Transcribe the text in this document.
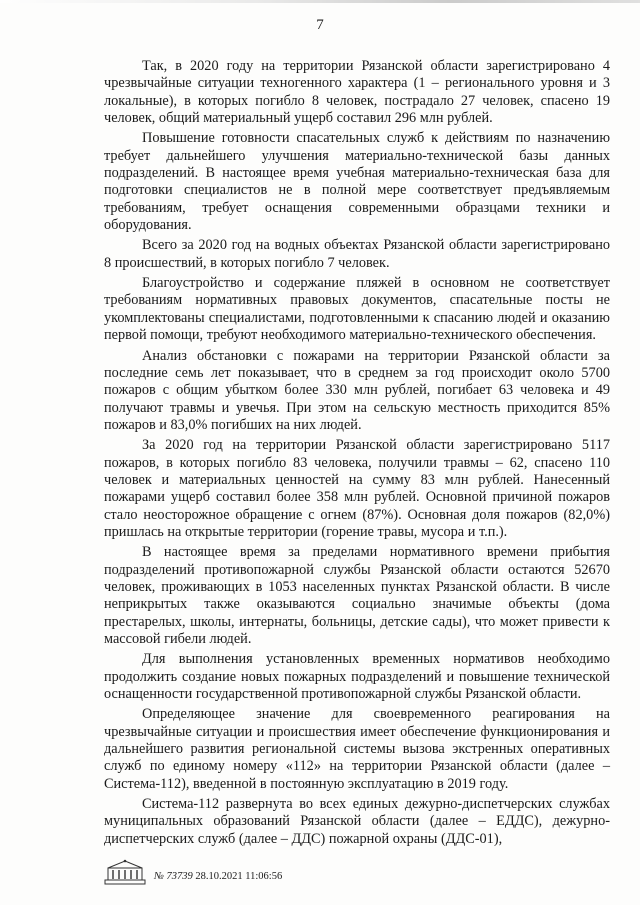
7

Так, в 2020 году на территории Рязанской области зарегистрировано 4 чрезвычайные ситуации техногенного характера (1 – регионального уровня и 3 локальные), в которых погибло 8 человек, пострадало 27 человек, спасено 19 человек, общий материальный ущерб составил 296 млн рублей.

Повышение готовности спасательных служб к действиям по назначению требует дальнейшего улучшения материально-технической базы данных подразделений. В настоящее время учебная материально-техническая база для подготовки специалистов не в полной мере соответствует предъявляемым требованиям, требует оснащения современными образцами техники и оборудования.

Всего за 2020 год на водных объектах Рязанской области зарегистрировано 8 происшествий, в которых погибло 7 человек.

Благоустройство и содержание пляжей в основном не соответствует требованиям нормативных правовых документов, спасательные посты не укомплектованы специалистами, подготовленными к спасанию людей и оказанию первой помощи, требуют необходимого материально-технического обеспечения.

Анализ обстановки с пожарами на территории Рязанской области за последние семь лет показывает, что в среднем за год происходит около 5700 пожаров с общим убытком более 330 млн рублей, погибает 63 человека и 49 получают травмы и увечья. При этом на сельскую местность приходится 85% пожаров и 83,0% погибших на них людей.

За 2020 год на территории Рязанской области зарегистрировано 5117 пожаров, в которых погибло 83 человека, получили травмы – 62, спасено 110 человек и материальных ценностей на сумму 83 млн рублей. Нанесенный пожарами ущерб составил более 358 млн рублей. Основной причиной пожаров стало неосторожное обращение с огнем (87%). Основная доля пожаров (82,0%) пришлась на открытые территории (горение травы, мусора и т.п.).

В настоящее время за пределами нормативного времени прибытия подразделений противопожарной службы Рязанской области остаются 52670 человек, проживающих в 1053 населенных пунктах Рязанской области. В числе неприкрытых также оказываются социально значимые объекты (дома престарелых, школы, интернаты, больницы, детские сады), что может привести к массовой гибели людей.

Для выполнения установленных временных нормативов необходимо продолжить создание новых пожарных подразделений и повышение технической оснащенности государственной противопожарной службы Рязанской области.

Определяющее значение для своевременного реагирования на чрезвычайные ситуации и происшествия имеет обеспечение функционирования и дальнейшего развития региональной системы вызова экстренных оперативных служб по единому номеру «112» на территории Рязанской области (далее – Система-112), введенной в постоянную эксплуатацию в 2019 году.

Система-112 развернута во всех единых дежурно-диспетчерских службах муниципальных образований Рязанской области (далее – ЕДДС), дежурно-диспетчерских служб (далее – ДДС) пожарной охраны (ДДС-01),

№ 73739 28.10.2021 11:06:56
